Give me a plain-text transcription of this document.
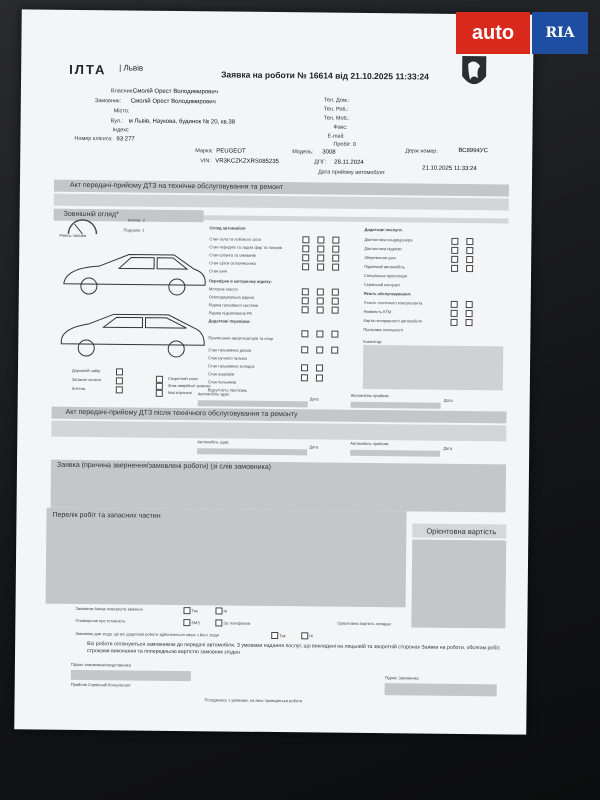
ІЛТА | Львів
Заявка на роботи № 16614 від 21.10.2025 11:33:24
Власник: Смолій Орест Володимирович
Замовник: Смолій Орест Володимирович
Місто:
Вул.: м Львів, Наукова, будинок № 20, кв.38
Індекс
Номер клієнта: 93 277
Тел. Дом.:
Тел. Роб.:
Тел. Моб.:
Факс:
E-mail:
Пробіг: 0
Марка: PEUGEOT	Модель: 3008	Держ номер:	ВС8994УС
VIN: VR3KCZKZXRS085235	ДПГ: 28.11.2024
Дата прийому автомобіля:
21.10.2025 11:33:24
Акт передачі-прийому ДТЗ на технічне обслуговування та ремонт
Зовнішній огляд*
Рівень палива
Ключів: 3
Подушок: 1
Дорожній набір
Запасне колесо
Антена
Секретний ключ
Знак аварійної зупинки
Інші втрачені
Огляд автомобіля
Стан скла та лобового скла
Стан передніх та задніх фар та погорів
Стан шланга та омивачів
Стан щіток склоочисника
Стан шин
Перевірки в моторному відсіку:
Моторне масло
Охолоджувальна рідина
Рідина гальмівної системи
Рідина підсилювача РК
Додаткові перевірки:
Прилягання амортизаторів та опор
Стан гальмівних дисків
Стан ручного гальма
Стан гальмівних колодок
Стан шарнірів
Стан пильників
Відсутність протікань
Додаткові послуги:
Діагностика кондиціонера
Діагностика підвіски
Збереження шин
Підмінний автомобіль
Спеціальна пропозиція
Сервісний контракт
Якість обслуговування:
Участь технічного консультанта
Наявність КТМ
Карта несправності автомобіля
Програма лояльності
Коментар:
Автомобіль здав:
Дата
Автомобіль прийняв:
Дата
Акт передачі-прийому ДТЗ після технічного обслуговування та ремонту
Автомобіль здав:
Дата
Автомобіль прийняв:
Дата
Заявка (причина звернення/замовлені роботи) (зі слів замовника)
Перелік робіт та запасних частин
Орієнтовна вартість
Замовник бажає повернути замінені	Так	Ні
Оповіщення про готовність	SMS	За телефоном	Орієнтовна вартість складає:
Замовник дав згоду, що всі додаткові роботи здійснюються лише з його згоди	Так	Ні
Всі роботи оплачуються замовником до передачі автомобіля. З умовами надання послуг, що викладені на лицьовій та зворотній сторонах Заявки на роботи, обсягом робіт, строками виконання та попередньою вартістю замовник згоден
Підпис замовника/представника
Прийняв Сервісний Консультант
Підпис Замовника
Погоджуюсь з умовами, на яких проводяться роботи
auto	RIA
